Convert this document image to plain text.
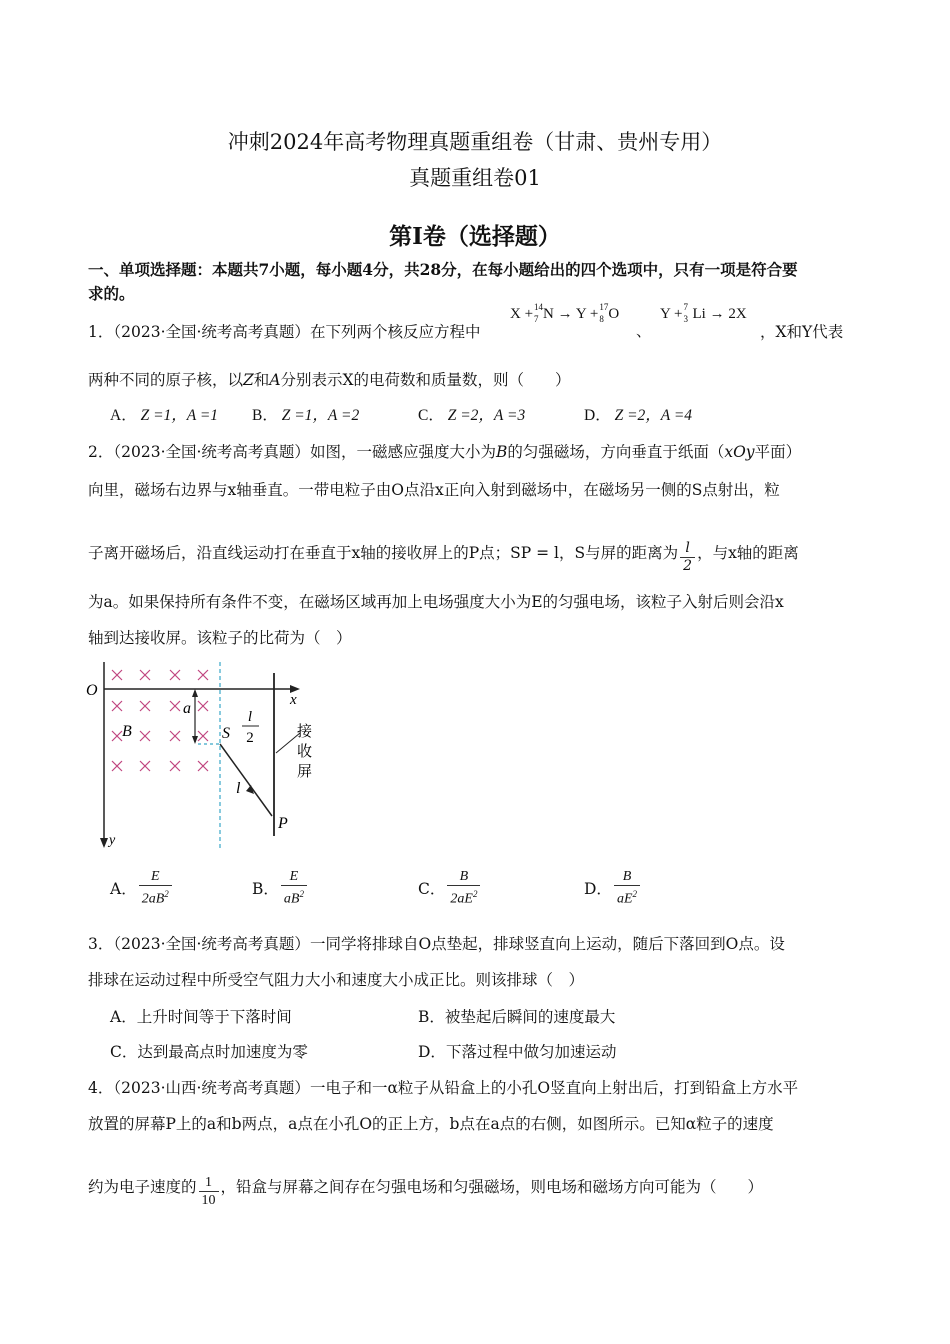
冲刺2024年高考物理真题重组卷（甘肃、贵州专用）
真题重组卷01
第I卷（选择题）
一、单项选择题：本题共7小题，每小题4分，共28分，在每小题给出的四个选项中，只有一项是符合要
求的。
1．（2023·全国·统考高考真题）在下列两个核反应方程中
X + 14
7 N → Y + 17
8 O
、
Y + 7
3 Li → 2X
，X和Y代表
两种不同的原子核，以Z和A分别表示X的电荷数和质量数，则（　　）
A． Z =1，A =1 B． Z =1，A =2	C． Z =2，A =3	D． Z =2，A =4
2．（2023·全国·统考高考真题）如图，一磁感应强度大小为B的匀强磁场，方向垂直于纸面（xOy平面）
向里，磁场右边界与x轴垂直。一带电粒子由O点沿x正向入射到磁场中，在磁场另一侧的S点射出，粒
子离开磁场后，沿直线运动打在垂直于x轴的接收屏上的P点；SP = l，S与屏的距离为 $\frac{l}{2}$ ，与x轴的距离
为a。如果保持所有条件不变，在磁场区域再加上电场强度大小为E的匀强电场，该粒子入射后则会沿x
轴到达接收屏。该粒子的比荷为（　）
O
x
y
a
B	S
l
2
l
P
接
收
屏
A． $\frac{E}{2aB^2}$	B． $\frac{E}{aB^2}$	C． $\frac{B}{2aE^2}$	D． $\frac{B}{aE^2}$
3．（2023·全国·统考高考真题）一同学将排球自O点垫起，排球竖直向上运动，随后下落回到O点。设
排球在运动过程中所受空气阻力大小和速度大小成正比。则该排球（　）
A．上升时间等于下落时间	B．被垫起后瞬间的速度最大
C．达到最高点时加速度为零	D．下落过程中做匀加速运动
4．（2023·山西·统考高考真题）一电子和一α粒子从铅盒上的小孔O竖直向上射出后，打到铅盒上方水平
放置的屏幕P上的a和b两点，a点在小孔O的正上方，b点在a点的右侧，如图所示。已知α粒子的速度
约为电子速度的 $\frac{1}{10}$ ，铅盒与屏幕之间存在匀强电场和匀强磁场，则电场和磁场方向可能为（　　）
